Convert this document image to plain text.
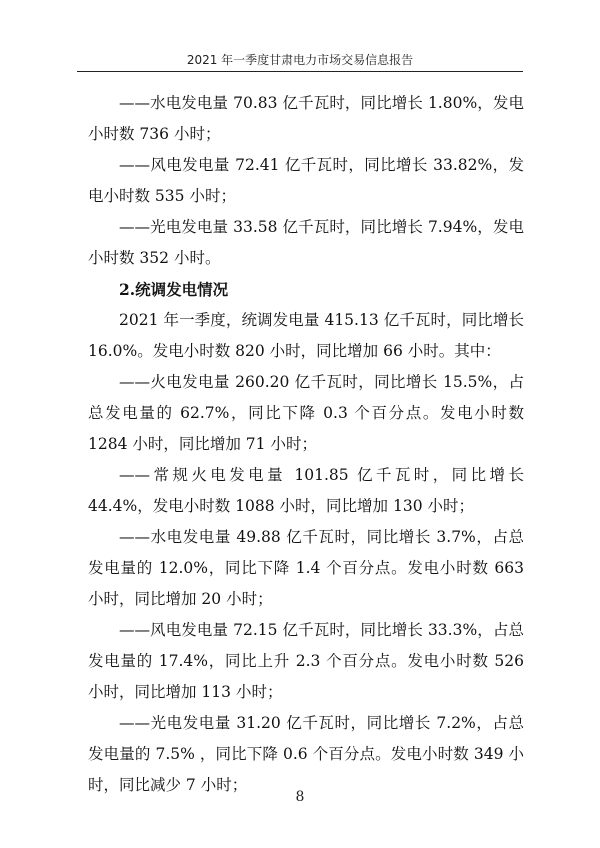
2021 年一季度甘肃电力市场交易信息报告

——水电发电量 70.83 亿千瓦时，同比增长 1.80%，发电小时数 736 小时；

——风电发电量 72.41 亿千瓦时，同比增长 33.82%，发电小时数 535 小时；

——光电发电量 33.58 亿千瓦时，同比增长 7.94%，发电小时数 352 小时。

2.统调发电情况

2021 年一季度，统调发电量 415.13 亿千瓦时，同比增长 16.0%。发电小时数 820 小时，同比增加 66 小时。其中：

——火电发电量 260.20 亿千瓦时，同比增长 15.5%，占总发电量的 62.7%，同比下降 0.3 个百分点。发电小时数 1284 小时，同比增加 71 小时；

——常规火电发电量 101.85 亿千瓦时，同比增长 44.4%，发电小时数 1088 小时，同比增加 130 小时；

——水电发电量 49.88 亿千瓦时，同比增长 3.7%，占总发电量的 12.0%，同比下降 1.4 个百分点。发电小时数 663 小时，同比增加 20 小时；

——风电发电量 72.15 亿千瓦时，同比增长 33.3%，占总发电量的 17.4%，同比上升 2.3 个百分点。发电小时数 526 小时，同比增加 113 小时；

——光电发电量 31.20 亿千瓦时，同比增长 7.2%，占总发电量的 7.5% ，同比下降 0.6 个百分点。发电小时数 349 小时，同比减少 7 小时；

8
